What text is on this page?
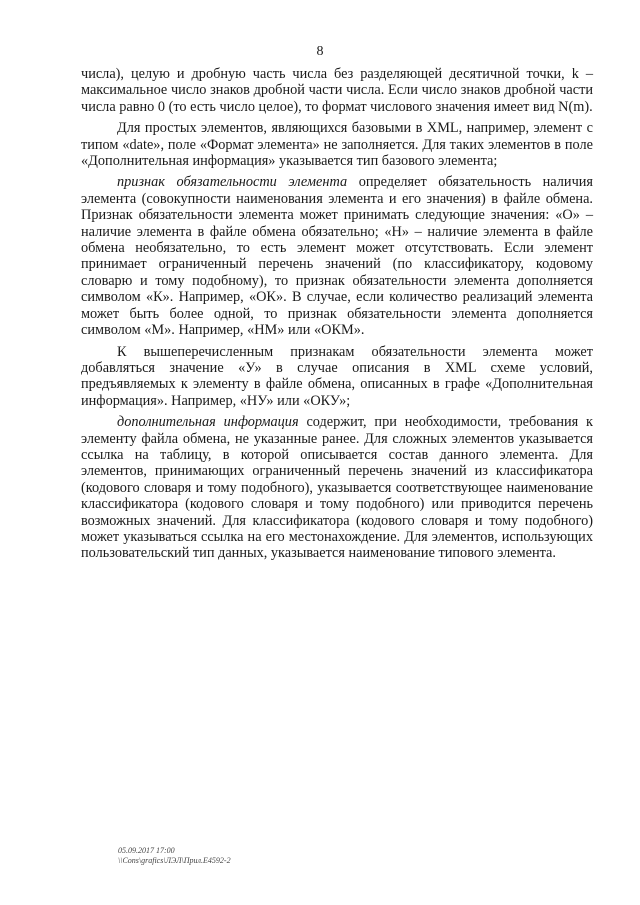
8

числа), целую и дробную часть числа без разделяющей десятичной точки, k – максимальное число знаков дробной части числа. Если число знаков дробной части числа равно 0 (то есть число целое), то формат числового значения имеет вид N(m).

Для простых элементов, являющихся базовыми в XML, например, элемент с типом «date», поле «Формат элемента» не заполняется. Для таких элементов в поле «Дополнительная информация» указывается тип базового элемента;

признак обязательности элемента определяет обязательность наличия элемента (совокупности наименования элемента и его значения) в файле обмена. Признак обязательности элемента может принимать следующие значения: «О» – наличие элемента в файле обмена обязательно; «Н» – наличие элемента в файле обмена необязательно, то есть элемент может отсутствовать. Если элемент принимает ограниченный перечень значений (по классификатору, кодовому словарю и тому подобному), то признак обязательности элемента дополняется символом «К». Например, «ОК». В случае, если количество реализаций элемента может быть более одной, то признак обязательности элемента дополняется символом «М». Например, «НМ» или «ОКМ».

К вышеперечисленным признакам обязательности элемента может добавляться значение «У» в случае описания в XML схеме условий, предъявляемых к элементу в файле обмена, описанных в графе «Дополнительная информация». Например, «НУ» или «ОКУ»;

дополнительная информация содержит, при необходимости, требования к элементу файла обмена, не указанные ранее. Для сложных элементов указывается ссылка на таблицу, в которой описывается состав данного элемента. Для элементов, принимающих ограниченный перечень значений из классификатора (кодового словаря и тому подобного), указывается соответствующее наименование классификатора (кодового словаря и тому подобного) или приводится перечень возможных значений. Для классификатора (кодового словаря и тому подобного) может указываться ссылка на его местонахождение. Для элементов, использующих пользовательский тип данных, указывается наименование типового элемента.

05.09.2017 17:00
\\Cons\grafics\ЛЭЛ\Прил.Е4592-2
